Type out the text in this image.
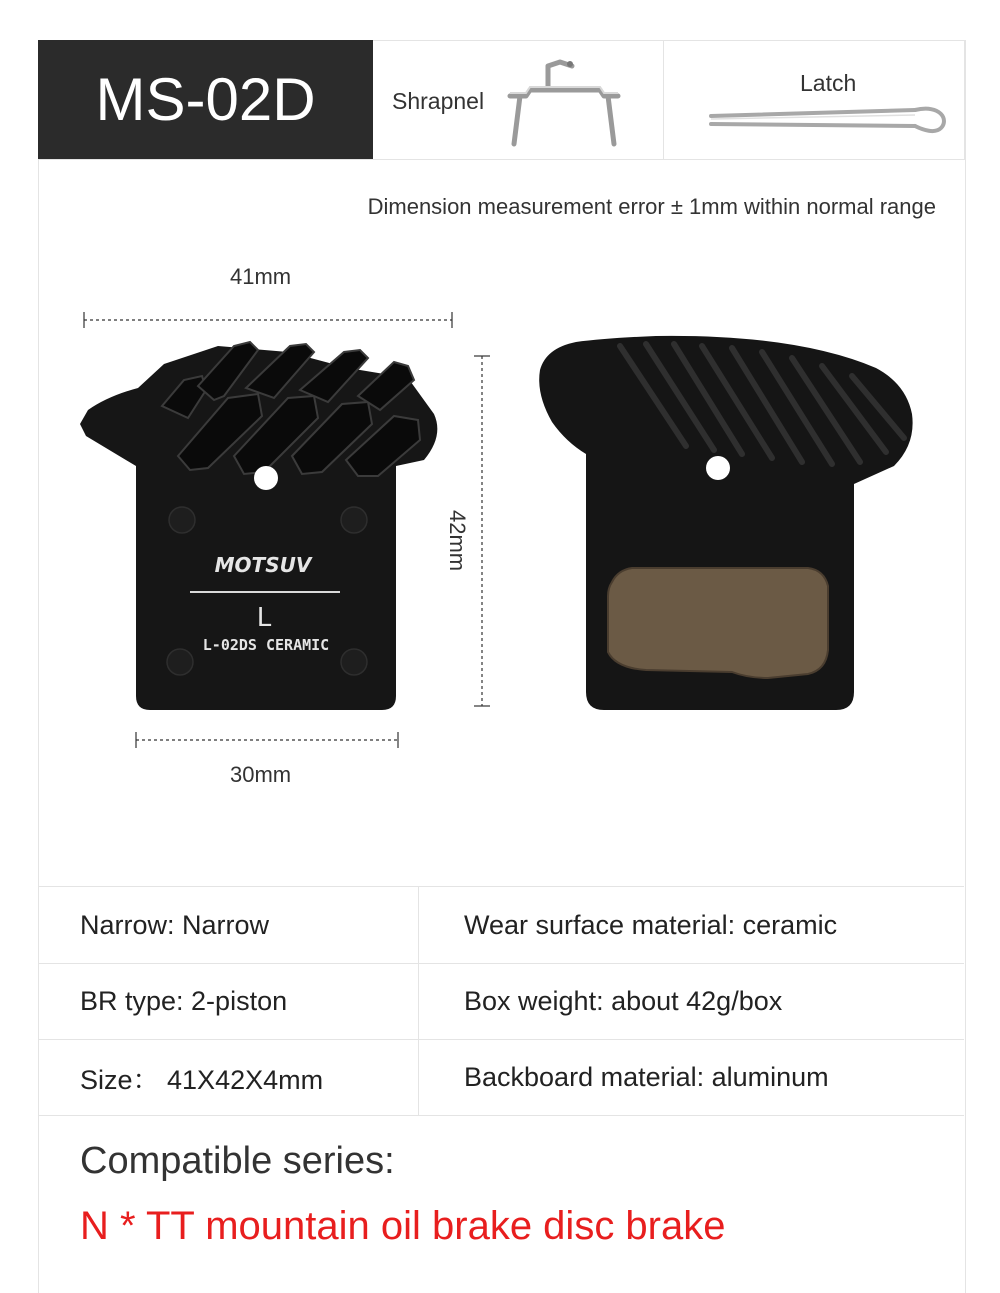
MS-02D	Shrapnel
Latch
Dimension measurement error ± 1mm within normal range
41mm
30mm
42mm
MOTSUV
L
L-02DS CERAMIC
Narrow: Narrow	Wear surface material: ceramic
BR type: 2-piston	Box weight: about 42g/box
Size： 41X42X4mm	Backboard material: aluminum
Compatible series:
N * TT mountain oil brake disc brake
